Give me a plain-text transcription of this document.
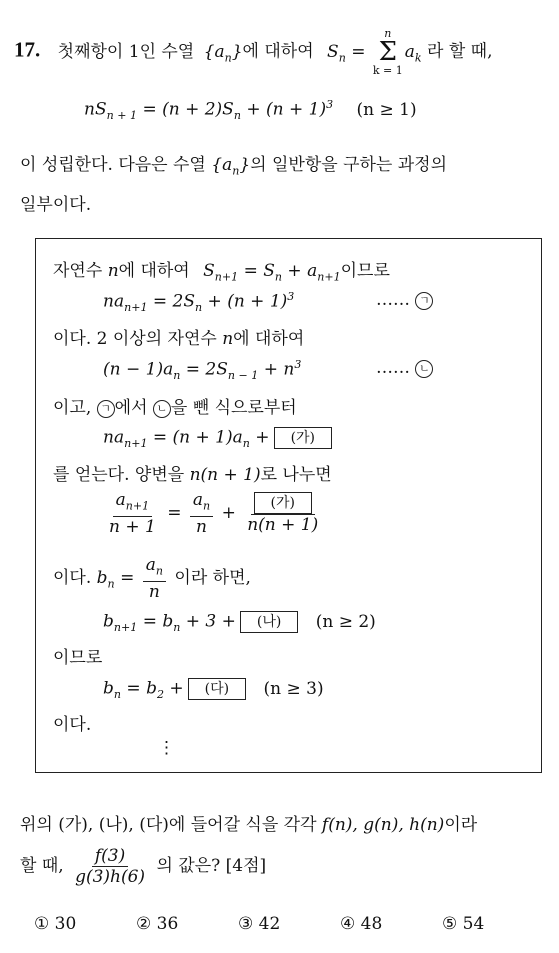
17. 첫째항이 1인 수열 $\{a_n\}$에 대하여 $S_n$ =
n
Σ
k = 1
$a_k$ 라 할 때,
$nS_{n + 1} = (n + 2)S_n + (n + 1)^3$ (n ≥ 1)
이 성립한다. 다음은 수열 $\{a_n\}$의 일반항을 구하는 과정의
일부이다.
자연수 n에 대하여 $S_{n+1} = S_n + a_{n+1}$이므로
$na_{n+1} = 2S_n + (n + 1)^3$	…… ㄱ
이다. 2 이상의 자연수 n에 대하여
$(n - 1)a_n = 2S_{n - 1} + n^3$	…… ㄴ
이고, ㄱ 에서 ㄴ 을 뺀 식으로부터
$na_{n+1} = (n + 1)a_n$ + (가)
를 얻는다. 양변을 n(n + 1)로 나누면
$\frac{a_{n+1}}{n + 1} = \frac{a_n}{n} + \frac{\text{(가)}}{n(n + 1)}$
이다. $b_n = \frac{a_n}{n}$ 이라 하면,
$b_{n+1} = b_n + 3$ + (나) (n ≥ 2)
이므로
$b_n = b_2$ + (다) (n ≥ 3)
이다.
⋮
위의 (가), (나), (다)에 들어갈 식을 각각 f(n), g(n), h(n)이라
할 때, $\frac{f(3)}{g(3)h(6)}$ 의 값은? [4점]
① 30	② 36	③ 42	④ 48	⑤ 54
